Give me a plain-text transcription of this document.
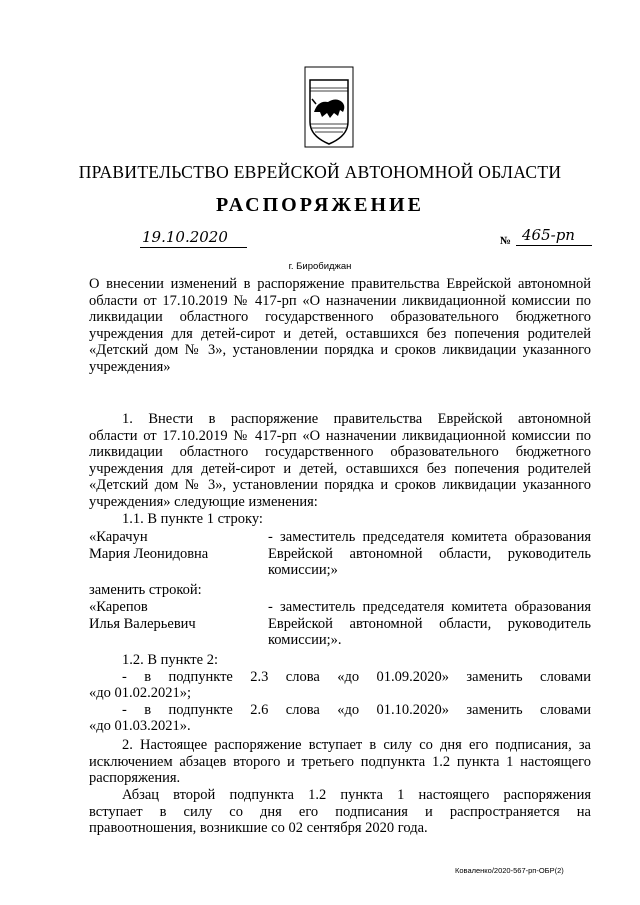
ПРАВИТЕЛЬСТВО ЕВРЕЙСКОЙ АВТОНОМНОЙ ОБЛАСТИ
РАСПОРЯЖЕНИЕ
19.10.2020	№ 465-рп
г. Биробиджан
О внесении изменений в распоряжение правительства Еврейской автономной
области от 17.10.2019 № 417-рп «О назначении ликвидационной комиссии по
ликвидации областного государственного образовательного бюджетного
учреждения для детей-сирот и детей, оставшихся без попечения родителей
«Детский дом № 3», установлении порядка и сроков ликвидации указанного
учреждения»
1. Внести в распоряжение правительства Еврейской автономной
области от 17.10.2019 № 417-рп «О назначении ликвидационной комиссии по
ликвидации областного государственного образовательного бюджетного
учреждения для детей-сирот и детей, оставшихся без попечения родителей
«Детский дом № 3», установлении порядка и сроков ликвидации указанного
учреждения» следующие изменения:
1.1. В пункте 1 строку:
«Карачун
Мария Леонидовна
- заместитель председателя комитета образования
Еврейской автономной области, руководитель
комиссии;»
заменить строкой:
«Карепов
Илья Валерьевич
- заместитель председателя комитета образования
Еврейской автономной области, руководитель
комиссии;».
1.2. В пункте 2:
- в подпункте 2.3 слова «до 01.09.2020» заменить словами
«до 01.02.2021»;
- в подпункте 2.6 слова «до 01.10.2020» заменить словами
«до 01.03.2021».
2. Настоящее распоряжение вступает в силу со дня его подписания, за
исключением абзацев второго и третьего подпункта 1.2 пункта 1 настоящего
распоряжения.
Абзац второй подпункта 1.2 пункта 1 настоящего распоряжения
вступает в силу со дня его подписания и распространяется на
правоотношения, возникшие со 02 сентября 2020 года.
Коваленко/2020-567-рп-ОБР(2)
